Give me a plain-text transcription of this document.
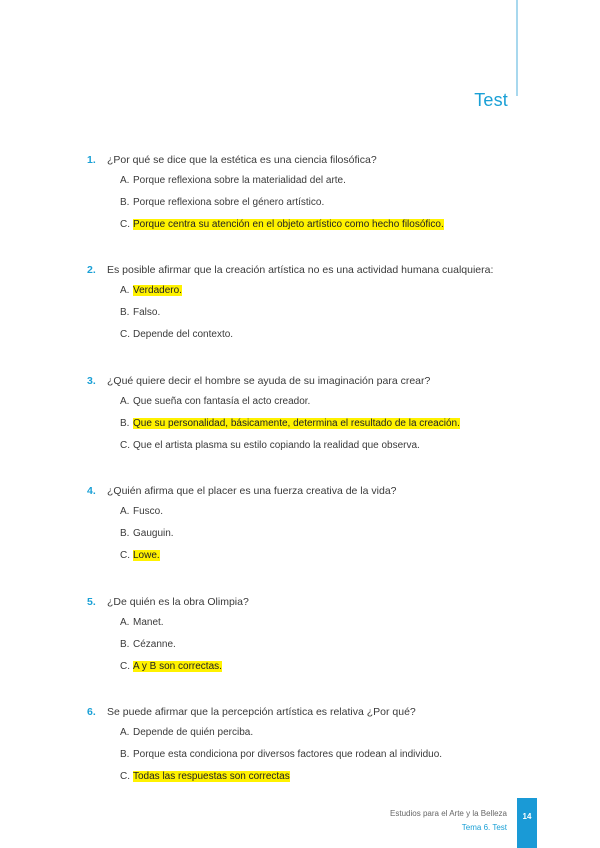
Test
1. ¿Por qué se dice que la estética es una ciencia filosófica?
A. Porque reflexiona sobre la materialidad del arte.
B. Porque reflexiona sobre el género artístico.
C. Porque centra su atención en el objeto artístico como hecho filosófico.
2. Es posible afirmar que la creación artística no es una actividad humana cualquiera:
A. Verdadero.
B. Falso.
C. Depende del contexto.
3. ¿Qué quiere decir el hombre se ayuda de su imaginación para crear?
A. Que sueña con fantasía el acto creador.
B. Que su personalidad, básicamente, determina el resultado de la creación.
C. Que el artista plasma su estilo copiando la realidad que observa.
4. ¿Quién afirma que el placer es una fuerza creativa de la vida?
A. Fusco.
B. Gauguin.
C. Lowe.
5. ¿De quién es la obra Olimpia?
A. Manet.
B. Cézanne.
C. A y B son correctas.
6. Se puede afirmar que la percepción artística es relativa ¿Por qué?
A. Depende de quién perciba.
B. Porque esta condiciona por diversos factores que rodean al individuo.
C. Todas las respuestas son correctas
Estudios para el Arte y la Belleza
Tema 6. Test
14
